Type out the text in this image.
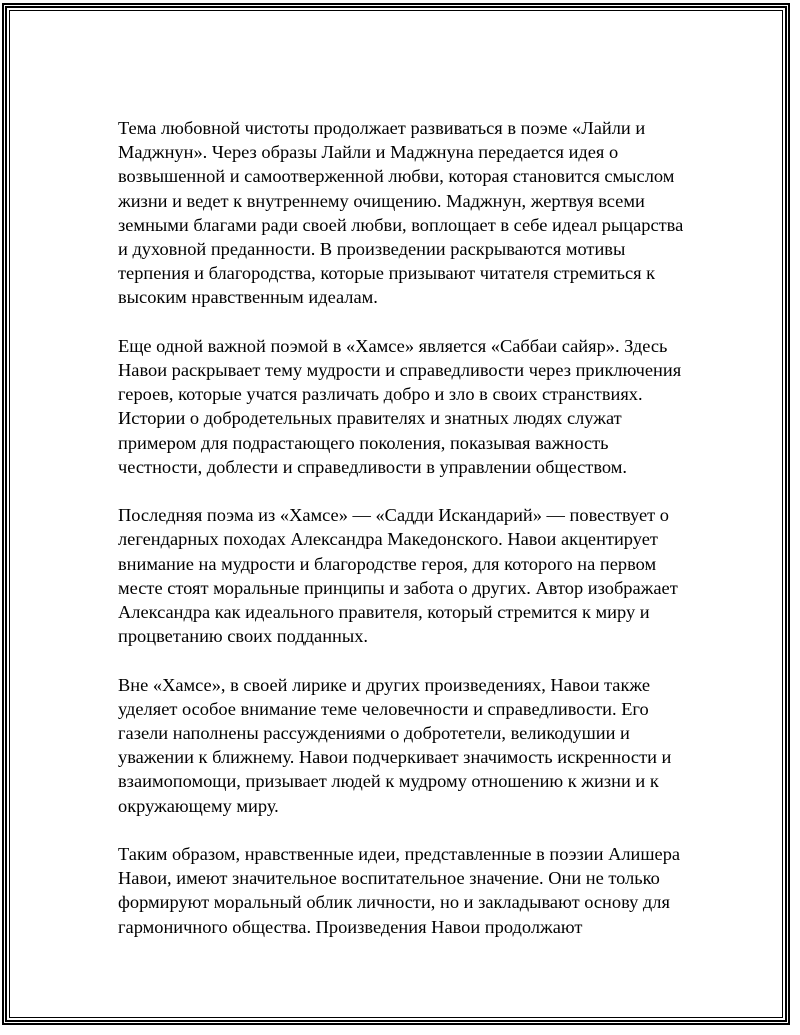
Тема любовной чистоты продолжает развиваться в поэме «Лайли и
Маджнун». Через образы Лайли и Маджнуна передается идея о
возвышенной и самоотверженной любви, которая становится смыслом
жизни и ведет к внутреннему очищению. Маджнун, жертвуя всеми
земными благами ради своей любви, воплощает в себе идеал рыцарства
и духовной преданности. В произведении раскрываются мотивы
терпения и благородства, которые призывают читателя стремиться к
высоким нравственным идеалам.

Еще одной важной поэмой в «Хамсе» является «Саббаи сайяр». Здесь
Навои раскрывает тему мудрости и справедливости через приключения
героев, которые учатся различать добро и зло в своих странствиях.
Истории о добродетельных правителях и знатных людях служат
примером для подрастающего поколения, показывая важность
честности, доблести и справедливости в управлении обществом.

Последняя поэма из «Хамсе» — «Садди Искандарий» — повествует о
легендарных походах Александра Македонского. Навои акцентирует
внимание на мудрости и благородстве героя, для которого на первом
месте стоят моральные принципы и забота о других. Автор изображает
Александра как идеального правителя, который стремится к миру и
процветанию своих подданных.

Вне «Хамсе», в своей лирике и других произведениях, Навои также
уделяет особое внимание теме человечности и справедливости. Его
газели наполнены рассуждениями о добротетели, великодушии и
уважении к ближнему. Навои подчеркивает значимость искренности и
взаимопомощи, призывает людей к мудрому отношению к жизни и к
окружающему миру.

Таким образом, нравственные идеи, представленные в поэзии Алишера
Навои, имеют значительное воспитательное значение. Они не только
формируют моральный облик личности, но и закладывают основу для
гармоничного общества. Произведения Навои продолжают
